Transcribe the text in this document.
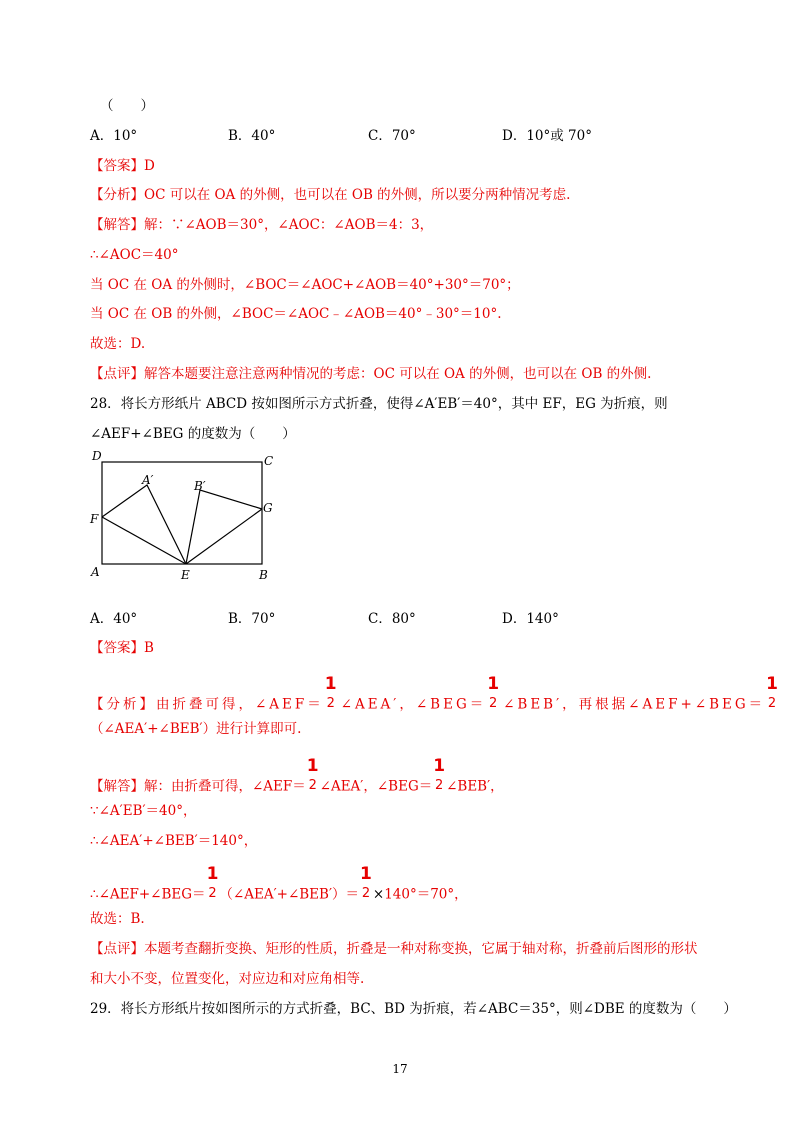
（　　）
A．10°	B．40°	C．70°	D．10°或 70°
【答案】D
【分析】OC 可以在 OA 的外侧，也可以在 OB 的外侧，所以要分两种情况考虑.
【解答】解：∵∠AOB＝30°，∠AOC：∠AOB＝4：3，
∴∠AOC＝40°
当 OC 在 OA 的外侧时，∠BOC＝∠AOC+∠AOB＝40°+30°＝70°；
当 OC 在 OB 的外侧，∠BOC＝∠AOC﹣∠AOB＝40°﹣30°＝10°.
故选：D.
【点评】解答本题要注意注意两种情况的考虑：OC 可以在 OA 的外侧，也可以在 OB 的外侧.
28．将长方形纸片 ABCD 按如图所示方式折叠，使得∠A′EB′＝40°，其中 EF，EG 为折痕，则
∠AEF+∠BEG 的度数为（　　）
D	C
A′	B′
F
G
A	E	B
A．40°	B．70°	C．80°	D．140°
【答案】B
【分析】由折叠可得，∠AEF＝
1
2 ∠AEA′，∠BEG＝
1
2 ∠BEB′，再根据∠AEF+∠BEG＝
1
2
（∠AEA′+∠BEB′）进行计算即可.
【解答】解：由折叠可得，∠AEF＝
1
2 ∠AEA′，∠BEG＝
1
2 ∠BEB′，
∵∠A′EB′＝40°，
∴∠AEA′+∠BEB′＝140°，
∴∠AEF+∠BEG＝
1
2 （∠AEA′+∠BEB′）＝
1
2 ×140°＝70°，
故选：B.
【点评】本题考查翻折变换、矩形的性质，折叠是一种对称变换，它属于轴对称，折叠前后图形的形状
和大小不变，位置变化，对应边和对应角相等.
29．将长方形纸片按如图所示的方式折叠，BC、BD 为折痕，若∠ABC＝35°，则∠DBE 的度数为（　　）
17
